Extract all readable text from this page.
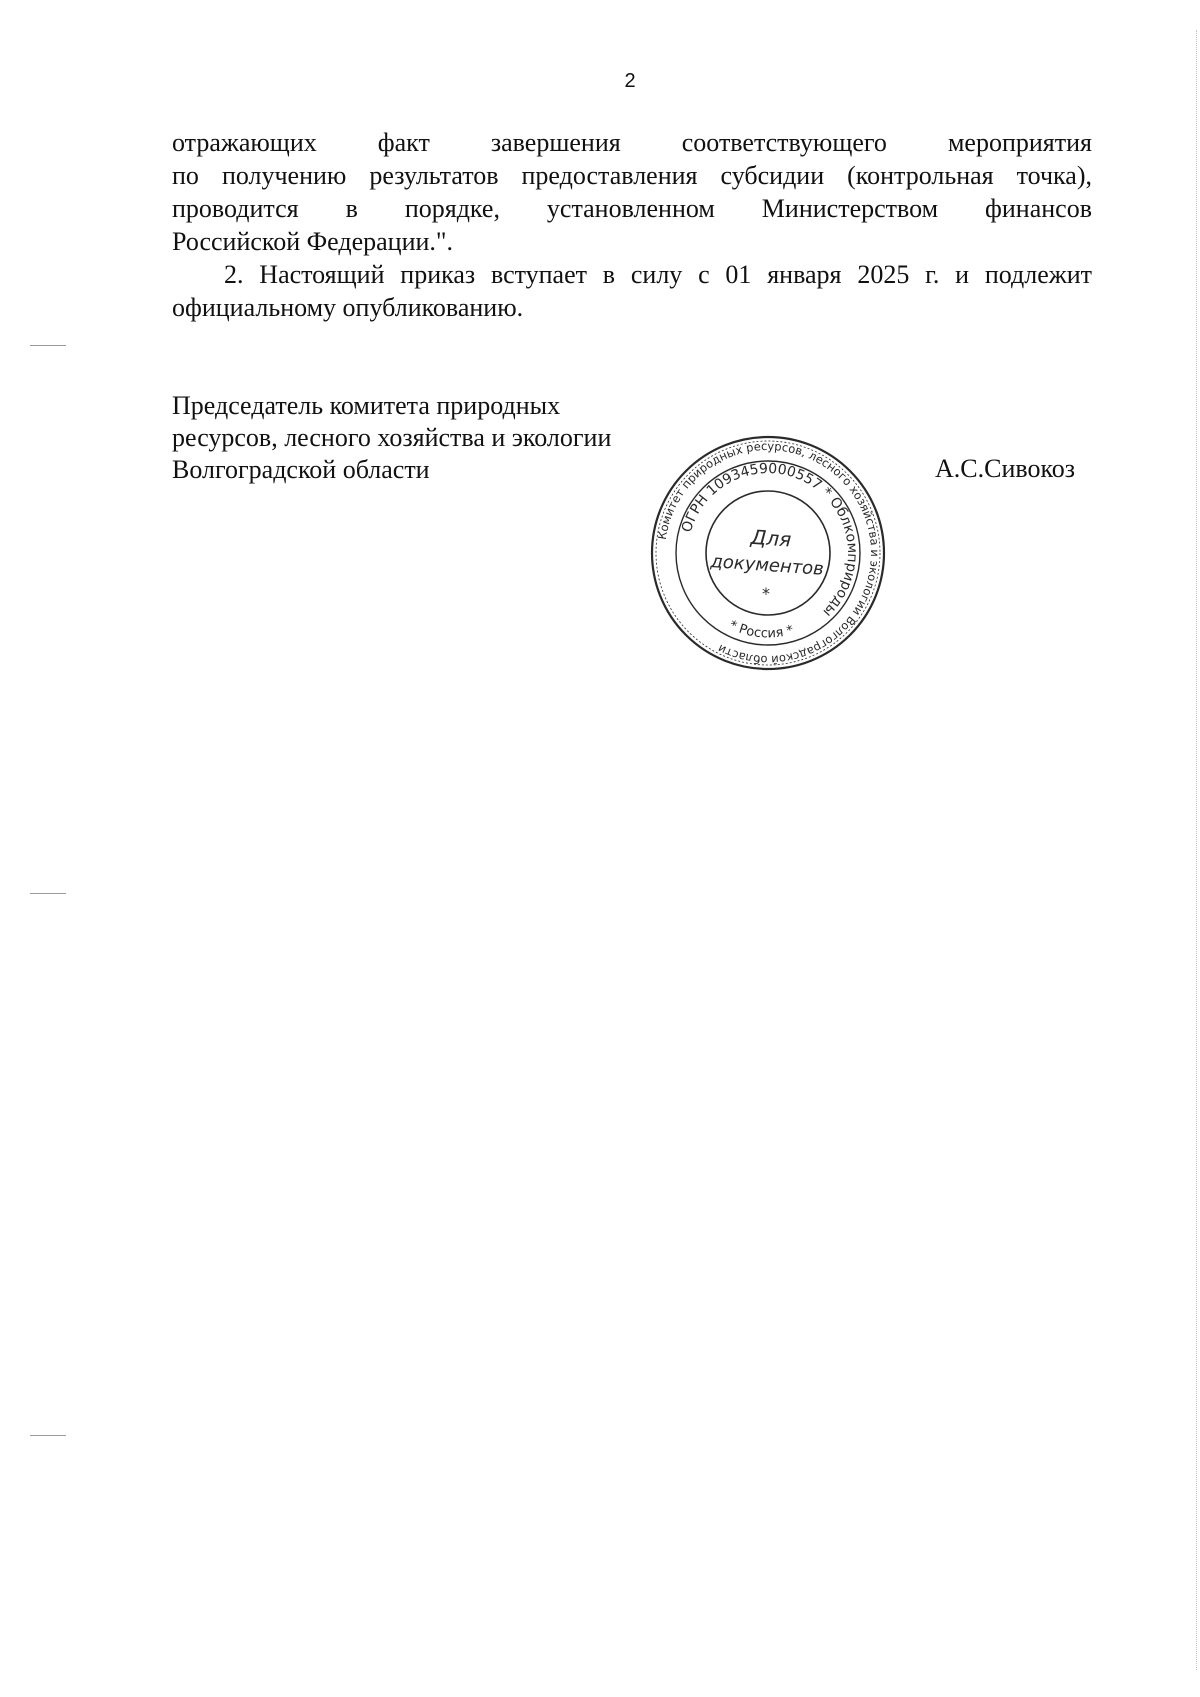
2

отражающих факт завершения соответствующего мероприятия
по получению результатов предоставления субсидии (контрольная точка),
проводится в порядке, установленном Министерством финансов
Российской Федерации.".

2. Настоящий приказ вступает в силу с 01 января 2025 г. и подлежит
официальному опубликованию.

Председатель комитета природных
ресурсов, лесного хозяйства и экологии
Волгоградской области	А.С.Сивокоз
Комитет природных ресурсов, лесного хозяйства и экологии Волгоградской области
ОГРН 1093459000557 * Облкомприроды
* Россия *
Для
документов
*
